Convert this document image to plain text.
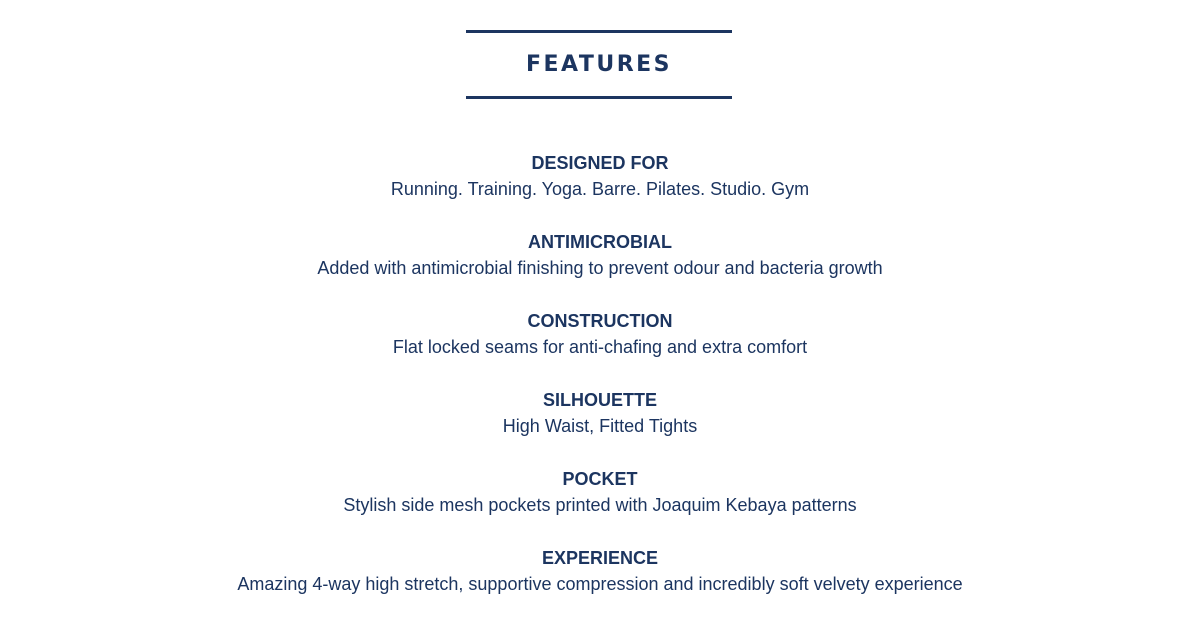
FEATURES

DESIGNED FOR

Running. Training. Yoga. Barre. Pilates. Studio. Gym

ANTIMICROBIAL

Added with antimicrobial finishing to prevent odour and bacteria growth

CONSTRUCTION

Flat locked seams for anti-chafing and extra comfort

SILHOUETTE

High Waist, Fitted Tights

POCKET

Stylish side mesh pockets printed with Joaquim Kebaya patterns

EXPERIENCE

Amazing 4-way high stretch, supportive compression and incredibly soft velvety experience
